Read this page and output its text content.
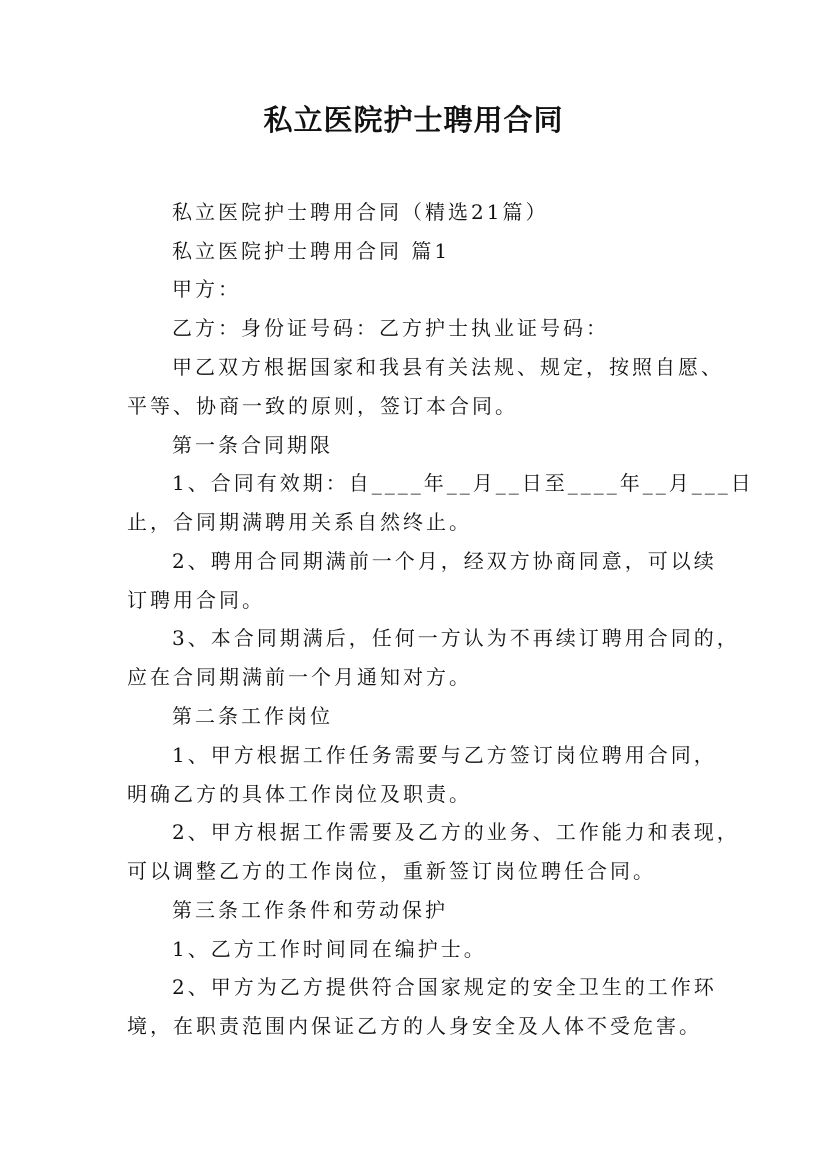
私立医院护士聘用合同
私立医院护士聘用合同（精选21篇）
私立医院护士聘用合同 篇1
甲方：
乙方：身份证号码：乙方护士执业证号码：
甲乙双方根据国家和我县有关法规、规定，按照自愿、
平等、协商一致的原则，签订本合同。
第一条合同期限
1、合同有效期：自____年__月__日至____年__月___日
止，合同期满聘用关系自然终止。
2、聘用合同期满前一个月，经双方协商同意，可以续
订聘用合同。
3、本合同期满后，任何一方认为不再续订聘用合同的，
应在合同期满前一个月通知对方。
第二条工作岗位
1、甲方根据工作任务需要与乙方签订岗位聘用合同，
明确乙方的具体工作岗位及职责。
2、甲方根据工作需要及乙方的业务、工作能力和表现，
可以调整乙方的工作岗位，重新签订岗位聘任合同。
第三条工作条件和劳动保护
1、乙方工作时间同在编护士。
2、甲方为乙方提供符合国家规定的安全卫生的工作环
境，在职责范围内保证乙方的人身安全及人体不受危害。
